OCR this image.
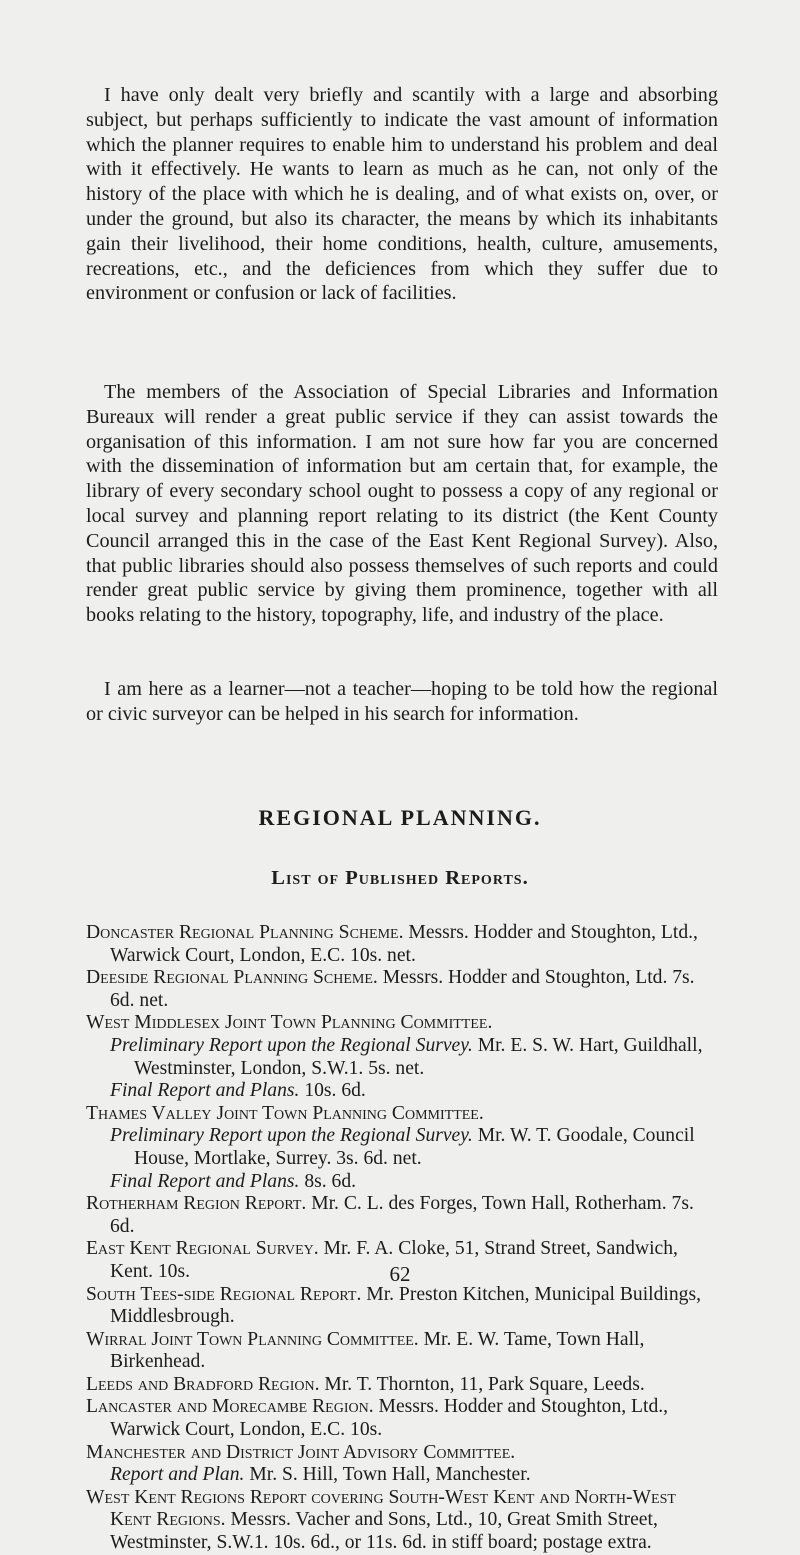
I have only dealt very briefly and scantily with a large and absorbing subject, but perhaps sufficiently to indicate the vast amount of information which the planner requires to enable him to understand his problem and deal with it effectively. He wants to learn as much as he can, not only of the history of the place with which he is dealing, and of what exists on, over, or under the ground, but also its character, the means by which its inhabitants gain their livelihood, their home conditions, health, culture, amusements, recreations, etc., and the deficiences from which they suffer due to environment or confusion or lack of facilities.

The members of the Association of Special Libraries and Information Bureaux will render a great public service if they can assist towards the organisation of this information. I am not sure how far you are concerned with the dissemination of information but am certain that, for example, the library of every secondary school ought to possess a copy of any regional or local survey and planning report relating to its district (the Kent County Council arranged this in the case of the East Kent Regional Survey). Also, that public libraries should also possess themselves of such reports and could render great public service by giving them prominence, together with all books relating to the history, topography, life, and industry of the place.

I am here as a learner—not a teacher—hoping to be told how the regional or civic surveyor can be helped in his search for information.

REGIONAL PLANNING.
List of Published Reports.
Doncaster Regional Planning Scheme. Messrs. Hodder and Stoughton, Ltd., Warwick Court, London, E.C. 10s. net.
Deeside Regional Planning Scheme. Messrs. Hodder and Stoughton, Ltd. 7s. 6d. net.
West Middlesex Joint Town Planning Committee.
Preliminary Report upon the Regional Survey. Mr. E. S. W. Hart, Guildhall, Westminster, London, S.W.1. 5s. net.
Final Report and Plans. 10s. 6d.
Thames Valley Joint Town Planning Committee.
Preliminary Report upon the Regional Survey. Mr. W. T. Goodale, Council House, Mortlake, Surrey. 3s. 6d. net.
Final Report and Plans. 8s. 6d.
Rotherham Region Report. Mr. C. L. des Forges, Town Hall, Rotherham. 7s. 6d.
East Kent Regional Survey. Mr. F. A. Cloke, 51, Strand Street, Sandwich, Kent. 10s.
South Tees-side Regional Report. Mr. Preston Kitchen, Municipal Buildings, Middlesbrough.
Wirral Joint Town Planning Committee. Mr. E. W. Tame, Town Hall, Birkenhead.
Leeds and Bradford Region. Mr. T. Thornton, 11, Park Square, Leeds.
Lancaster and Morecambe Region. Messrs. Hodder and Stoughton, Ltd., Warwick Court, London, E.C. 10s.
Manchester and District Joint Advisory Committee.
Report and Plan. Mr. S. Hill, Town Hall, Manchester.
West Kent Regions Report covering South-West Kent and North-West Kent Regions. Messrs. Vacher and Sons, Ltd., 10, Great Smith Street, Westminster, S.W.1. 10s. 6d., or 11s. 6d. in stiff board; postage extra.

62
